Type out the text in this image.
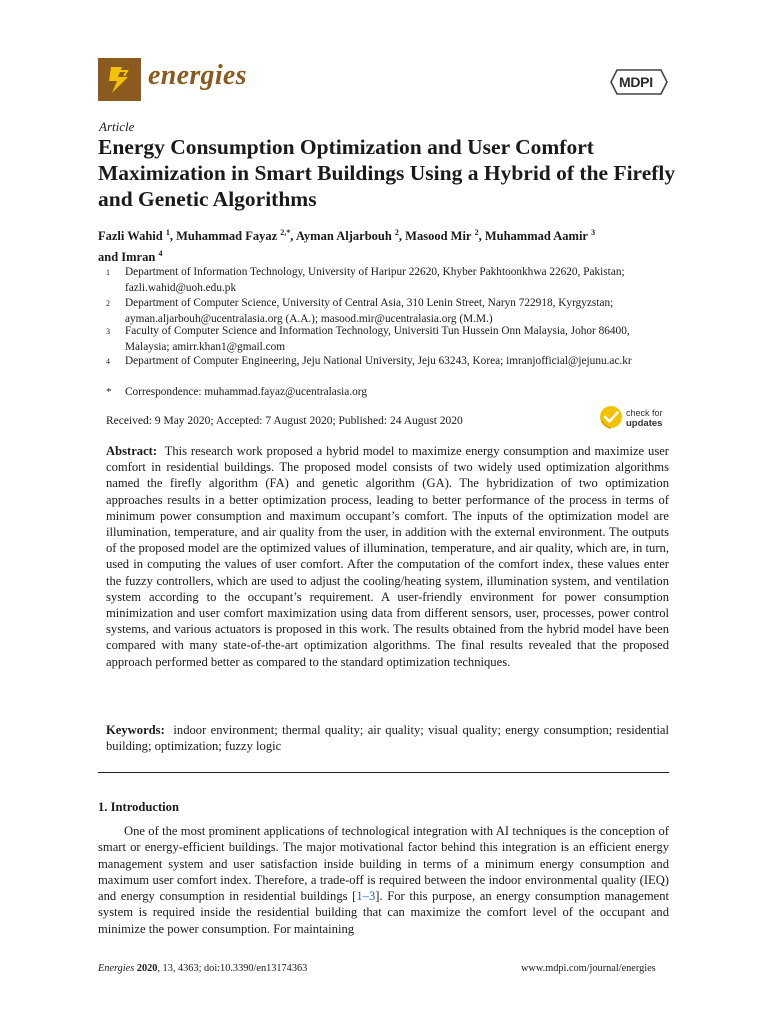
energies	MDPI
Article
Energy Consumption Optimization and User Comfort Maximization in Smart Buildings Using a Hybrid of the Firefly and Genetic Algorithms
Fazli Wahid $^1$, Muhammad Fayaz $^{2,*}$, Ayman Aljarbouh $^2$, Masood Mir $^2$, Muhammad Aamir $^3$
and Imran $^4$
1 Department of Information Technology, University of Haripur 22620, Khyber Pakhtoonkhwa 22620, Pakistan; fazli.wahid@uoh.edu.pk
2 Department of Computer Science, University of Central Asia, 310 Lenin Street, Naryn 722918, Kyrgyzstan; ayman.aljarbouh@ucentralasia.org (A.A.); masood.mir@ucentralasia.org (M.M.)
3 Faculty of Computer Science and Information Technology, Universiti Tun Hussein Onn Malaysia, Johor 86400, Malaysia; amirr.khan1@gmail.com
4 Department of Computer Engineering, Jeju National University, Jeju 63243, Korea; imranjofficial@jejunu.ac.kr
* Correspondence: muhammad.fayaz@ucentralasia.org
Received: 9 May 2020; Accepted: 7 August 2020; Published: 24 August 2020
check for
updates
Abstract: This research work proposed a hybrid model to maximize energy consumption and maximize user comfort in residential buildings. The proposed model consists of two widely used optimization algorithms named the firefly algorithm (FA) and genetic algorithm (GA). The hybridization of two optimization approaches results in a better optimization process, leading to better performance of the process in terms of minimum power consumption and maximum occupant’s comfort. The inputs of the optimization model are illumination, temperature, and air quality from the user, in addition with the external environment. The outputs of the proposed model are the optimized values of illumination, temperature, and air quality, which are, in turn, used in computing the values of user comfort. After the computation of the comfort index, these values enter the fuzzy controllers, which are used to adjust the cooling/heating system, illumination system, and ventilation system according to the occupant’s requirement. A user-friendly environment for power consumption minimization and user comfort maximization using data from different sensors, user, processes, power control systems, and various actuators is proposed in this work. The results obtained from the hybrid model have been compared with many state-of-the-art optimization algorithms. The final results revealed that the proposed approach performed better as compared to the standard optimization techniques.
Keywords: indoor environment; thermal quality; air quality; visual quality; energy consumption; residential building; optimization; fuzzy logic
1. Introduction
One of the most prominent applications of technological integration with AI techniques is the conception of smart or energy-efficient buildings. The major motivational factor behind this integration is an efficient energy management system and user satisfaction inside building in terms of a minimum energy consumption and maximum user comfort index. Therefore, a trade-off is required between the indoor environmental quality (IEQ) and energy consumption in residential buildings [1–3]. For this purpose, an energy consumption management system is required inside the residential building that can maximize the comfort level of the occupant and minimize the power consumption. For maintaining
Energies 2020, 13, 4363; doi:10.3390/en13174363	www.mdpi.com/journal/energies
